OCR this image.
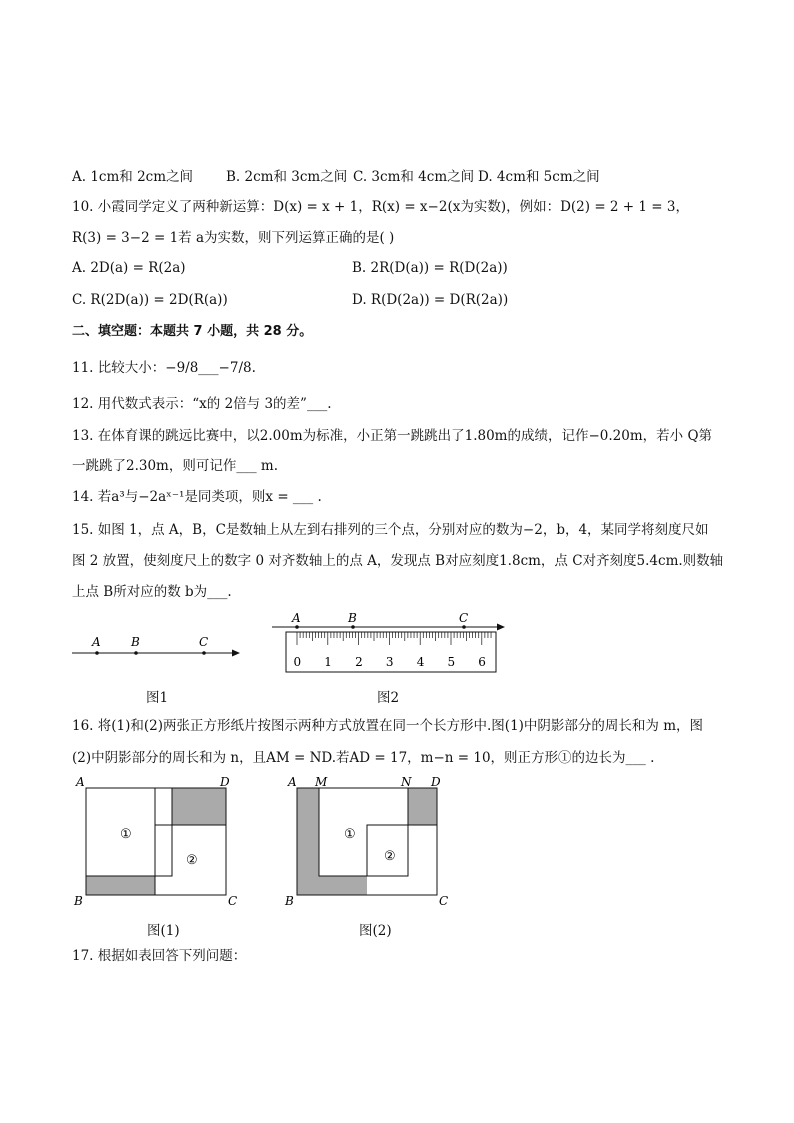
A. 1cm和 2cm之间 B. 2cm和 3cm之间 C. 3cm和 4cm之间 D. 4cm和 5cm之间
10. 小霞同学定义了两种新运算：D(x) = x + 1，R(x) = x−2(x为实数)，例如：D(2) = 2 + 1 = 3，
R(3) = 3−2 = 1若 a为实数，则下列运算正确的是( )
A. 2D(a) = R(2a)	B. 2R(D(a)) = R(D(2a))
C. R(2D(a)) = 2D(R(a))	D. R(D(2a)) = D(R(2a))
二、填空题：本题共 7 小题，共 28 分。
11. 比较大小：−9/8___−7/8.
12. 用代数式表示：“x的 2倍与 3的差”___.
13. 在体育课的跳远比赛中，以2.00m为标准，小正第一跳跳出了1.80m的成绩，记作−0.20m，若小 Q第
一跳跳了2.30m，则可记作___ m.
14. 若a³与−2aˣ⁻¹是同类项，则x = ___ .
15. 如图 1，点 A，B，C是数轴上从左到右排列的三个点，分别对应的数为−2，b，4，某同学将刻度尺如
图 2 放置，使刻度尺上的数字 0 对齐数轴上的点 A，发现点 B对应刻度1.8cm，点 C对齐刻度5.4cm.则数轴
上点 B所对应的数 b为___.
A	B	C
图1
A	B	C
0 1 2 3 4 5 6
图2
16. 将(1)和(2)两张正方形纸片按图示两种方式放置在同一个长方形中.图(1)中阴影部分的周长和为 m，图
(2)中阴影部分的周长和为 n，且AM = ND.若AD = 17，m−n = 10，则正方形①的边长为___ .
A	D
B	C
①
②
图(1)
A M	N D
B	C
①
②
图(2)
17. 根据如表回答下列问题：
